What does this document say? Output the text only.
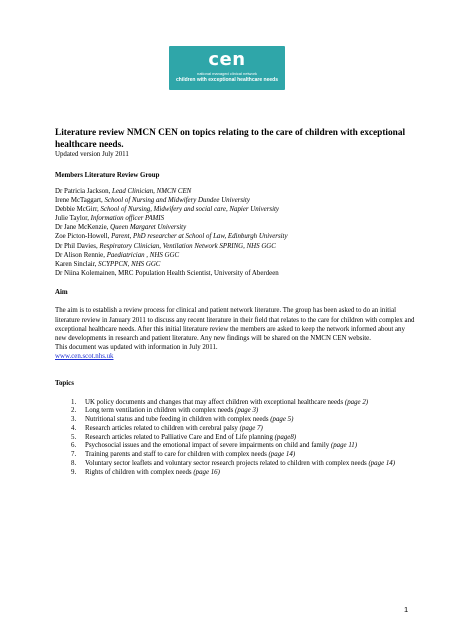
cen
national managed clinical network
children with exceptional healthcare needs
Literature review NMCN CEN on topics relating to the care of children with exceptional healthcare needs.
Updated version July 2011
Members Literature Review Group
Dr Patricia Jackson, Lead Clinician, NMCN CEN
Irene McTaggart, School of Nursing and Midwifery Dundee University
Debbie McGirr, School of Nursing, Midwifery and social care, Napier University
Julie Taylor, Information officer PAMIS
Dr Jane McKenzie, Queen Margaret University
Zoe Picton-Howell, Parent, PhD researcher at School of Law, Edinburgh University
Dr Phil Davies, Respiratory Clinician, Ventilation Network SPRING, NHS GGC
Dr Alison Rennie, Paediatrician , NHS GGC
Karen Sinclair, SCYPPCN, NHS GGC
Dr Niina Kolemainen, MRC Population Health Scientist, University of Aberdeen
Aim

The aim is to establish a review process for clinical and patient network literature. The group has been asked to do an initial literature review in January 2011 to discuss any recent literature in their field that relates to the care for children with complex and exceptional healthcare needs. After this initial literature review the members are asked to keep the network informed about any new developments in research and patient literature. Any new findings will be shared on the NMCN CEN website.
This document was updated with information in July 2011.
www.cen.scot.nhs.uk

Topics
1. UK policy documents and changes that may affect children with exceptional healthcare needs (page 2)
2. Long term ventilation in children with complex needs (page 3)
3. Nutritional status and tube feeding in children with complex needs (page 5)
4. Research articles related to children with cerebral palsy (page 7)
5. Research articles related to Palliative Care and End of Life planning (page8)
6. Psychosocial issues and the emotional impact of severe impairments on child and family (page 11)
7. Training parents and staff to care for children with complex needs (page 14)
8. Voluntary sector leaflets and voluntary sector research projects related to children with complex needs (page 14)
9. Rights of children with complex needs (page 16)
1
